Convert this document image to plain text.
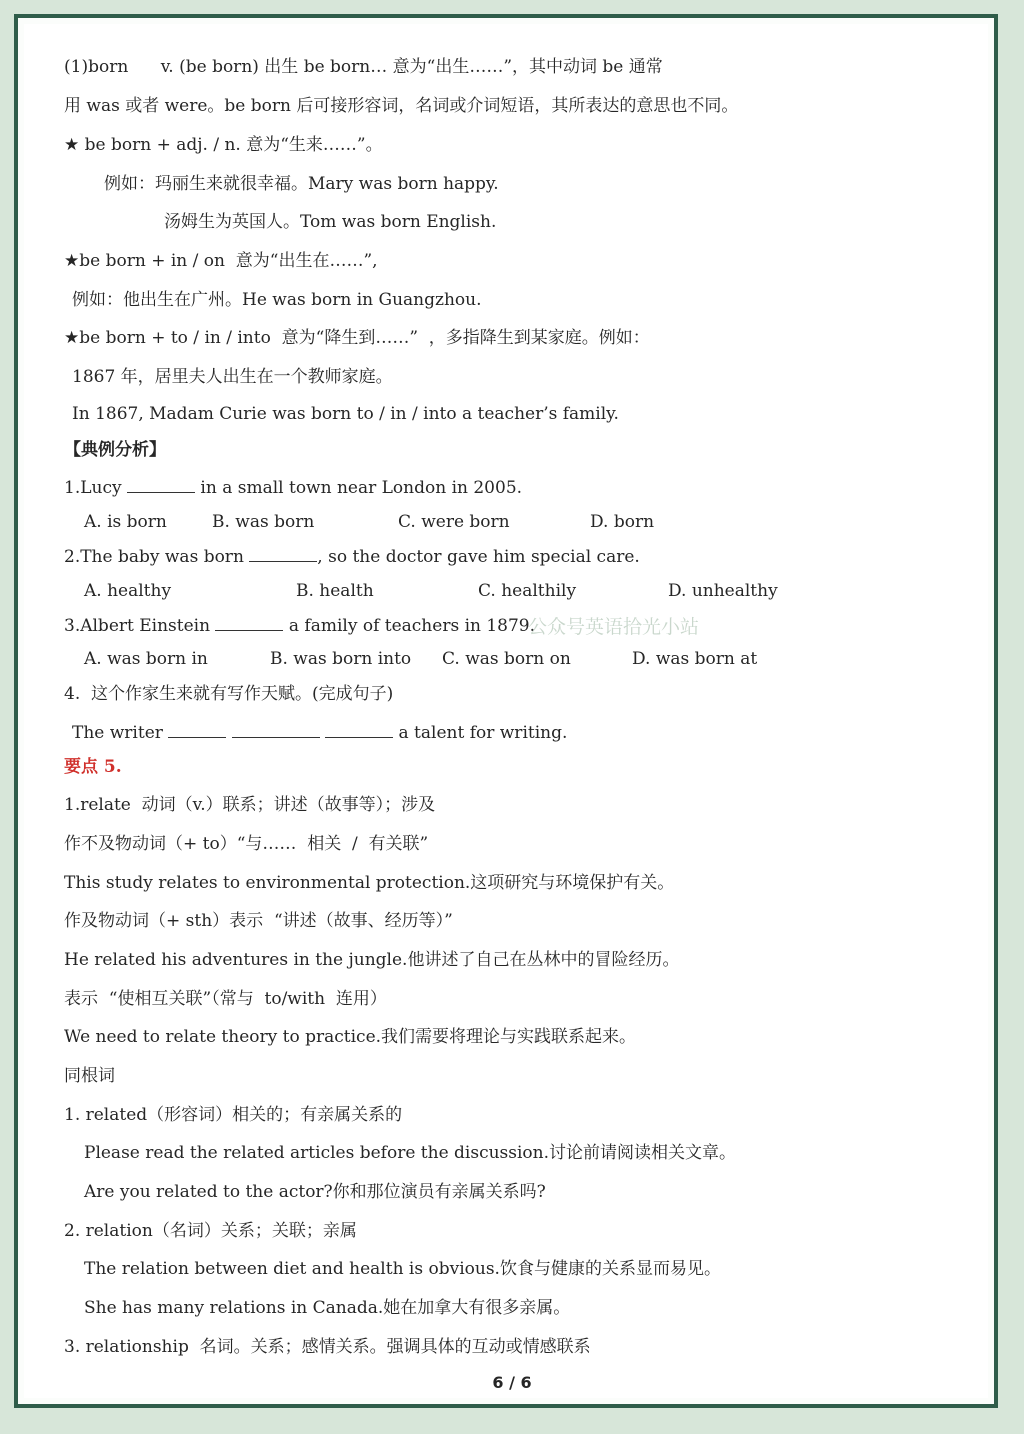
(1)born      v. (be born) 出生 be born… 意为“出生……”，其中动词 be 通常
用 was 或者 were。be born 后可接形容词，名词或介词短语，其所表达的意思也不同。
★ be born + adj. / n. 意为“生来……”。
例如：玛丽生来就很幸福。Mary was born happy.
汤姆生为英国人。Tom was born English.
★be born + in / on  意为“出生在……”,
例如：他出生在广州。He was born in Guangzhou.
★be born + to / in / into  意为“降生到……”  ，多指降生到某家庭。例如：
1867 年，居里夫人出生在一个教师家庭。
In 1867, Madam Curie was born to / in / into a teacher’s family.
【典例分析】
1.Lucy	in a small town near London in 2005.
A. is born	B. was born	C. were born	D. born
2.The baby was born	, so the doctor gave him special care.
A. healthy	B. health	C. healthily	D. unhealthy
3.Albert Einstein	a family of teachers in 1879.
A. was born in	B. was born into C. was born on	D. was born at
4.  这个作家生来就有写作天赋。(完成句子)
The writer	a talent for writing.
要点 5.
1.relate  动词（v.）联系；讲述（故事等）；涉及
作不及物动词（+ to）“与……  相关  /  有关联”
This study relates to environmental protection.这项研究与环境保护有关。
作及物动词（+ sth）表示  “讲述（故事、经历等）”
He related his adventures in the jungle.他讲述了自己在丛林中的冒险经历。
表示  “使相互关联”（常与  to/with  连用）
We need to relate theory to practice.我们需要将理论与实践联系起来。
同根词
1. related（形容词）相关的；有亲属关系的
Please read the related articles before the discussion.讨论前请阅读相关文章。
Are you related to the actor?你和那位演员有亲属关系吗?
2. relation（名词）关系；关联；亲属
The relation between diet and health is obvious.饮食与健康的关系显而易见。
She has many relations in Canada.她在加拿大有很多亲属。
3. relationship  名词。关系；感情关系。强调具体的互动或情感联系
公众号英语拾光小站
6 / 6
